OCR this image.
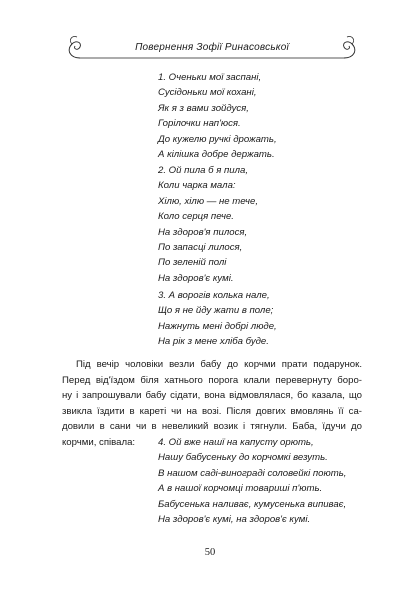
Повернення Зофії Ринасовської
1. Оченьки мої заспані,
Сусідоньки мої кохані,
Як я з вами зойдуся,
Горілочки нап'юся.
До кужелю ручкі дрожать,
А кілішка добре держать.
2. Ой пила б я пила,
Коли чарка мала:
Хілю, хілю — не тече,
Коло серця пече.
На здоров'я пилося,
По запасці лилося,
По зеленій полі
На здоров'є кумі.
3. А ворогів колька нале,
Що я не йду жати в поле;
Нажнуть мені добрі люде,
На рік з мене хліба буде.
Під вечір чоловіки везли бабу до корчми прати подарунок.
Перед від'їздом біля хатнього порога клали перевернуту боро-
ну і запрошували бабу сідати, вона відмовлялася, бо казала, що
звикла їздити в кареті чи на возі. Після довгих вмовлянь її са-
довили в сани чи в невеликий возик і тягнули. Баба, їдучи до
корчми, співала:	4. Ой вже нашї на капусту орють,
Нашу бабусеньку до корчомкі везуть.
В нашом саді-винограді соловейкі поють,
А в нашої корчомці товариші п'ють.
Бабусенька наливає, кумусенька випиває,
На здоров'є кумі, на здоров'є кумі.
50
